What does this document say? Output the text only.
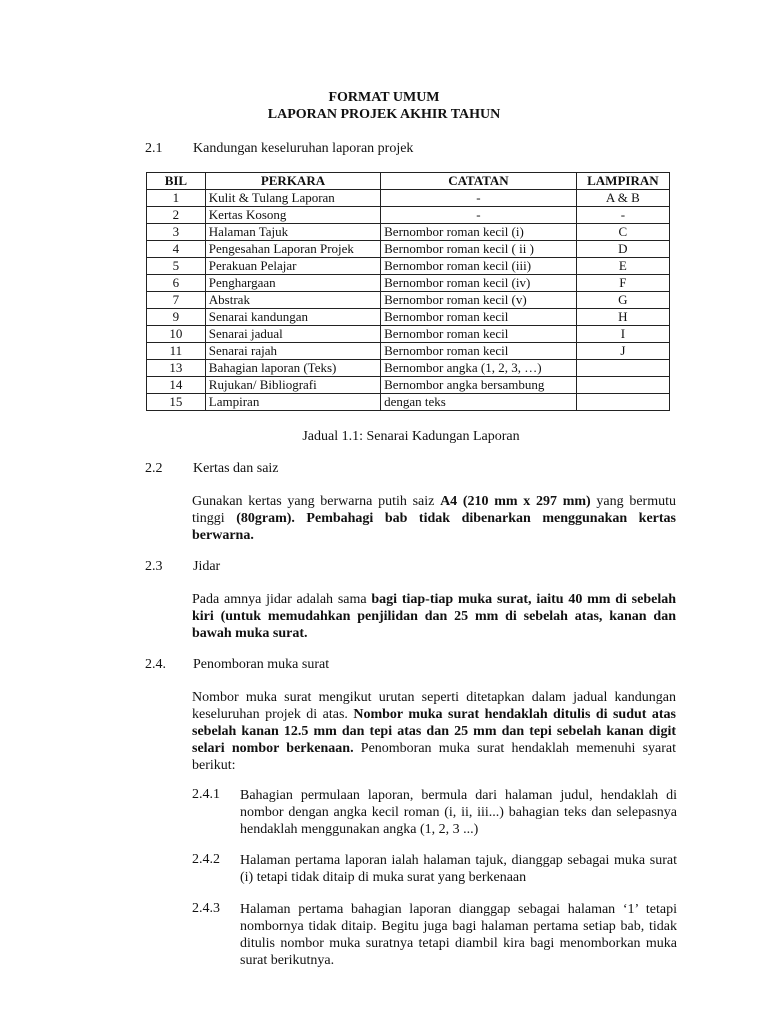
FORMAT UMUM
LAPORAN PROJEK AKHIR TAHUN
2.1 Kandungan keseluruhan laporan projek
BIL	PERKARA	CATATAN	LAMPIRAN
1	Kulit & Tulang Laporan	-	A & B
2	Kertas Kosong	-	-
3	Halaman Tajuk	Bernombor roman kecil (i)	C
4	Pengesahan Laporan Projek	Bernombor roman kecil ( ii )	D
5	Perakuan Pelajar	Bernombor roman kecil (iii)	E
6	Penghargaan	Bernombor roman kecil (iv)	F
7	Abstrak	Bernombor roman kecil (v)	G
9	Senarai kandungan	Bernombor roman kecil	H
10	Senarai jadual	Bernombor roman kecil	I
11	Senarai rajah	Bernombor roman kecil	J
13	Bahagian laporan (Teks)	Bernombor angka (1, 2, 3, …)	
14	Rujukan/ Bibliografi	Bernombor angka bersambung	
15	Lampiran	dengan teks	
Jadual 1.1: Senarai Kadungan Laporan
2.2 Kertas dan saiz
Gunakan kertas yang berwarna putih saiz A4 (210 mm x 297 mm) yang bermutu tinggi (80gram). Pembahagi bab tidak dibenarkan menggunakan kertas berwarna.
2.3 Jidar
Pada amnya jidar adalah sama bagi tiap-tiap muka surat, iaitu 40 mm di sebelah kiri (untuk memudahkan penjilidan dan 25 mm di sebelah atas, kanan dan bawah muka surat.
2.4. Penomboran muka surat
Nombor muka surat mengikut urutan seperti ditetapkan dalam jadual kandungan keseluruhan projek di atas. Nombor muka surat hendaklah ditulis di sudut atas sebelah kanan 12.5 mm dan tepi atas dan 25 mm dan tepi sebelah kanan digit selari nombor berkenaan. Penomboran muka surat hendaklah memenuhi syarat berikut:
2.4.1 Bahagian permulaan laporan, bermula dari halaman judul, hendaklah di nombor dengan angka kecil roman (i, ii, iii...) bahagian teks dan selepasnya hendaklah menggunakan angka (1, 2, 3 ...)
2.4.2 Halaman pertama laporan ialah halaman tajuk, dianggap sebagai muka surat (i) tetapi tidak ditaip di muka surat yang berkenaan
2.4.3 Halaman pertama bahagian laporan dianggap sebagai halaman ‘1’ tetapi nombornya tidak ditaip. Begitu juga bagi halaman pertama setiap bab, tidak ditulis nombor muka suratnya tetapi diambil kira bagi menomborkan muka surat berikutnya.
